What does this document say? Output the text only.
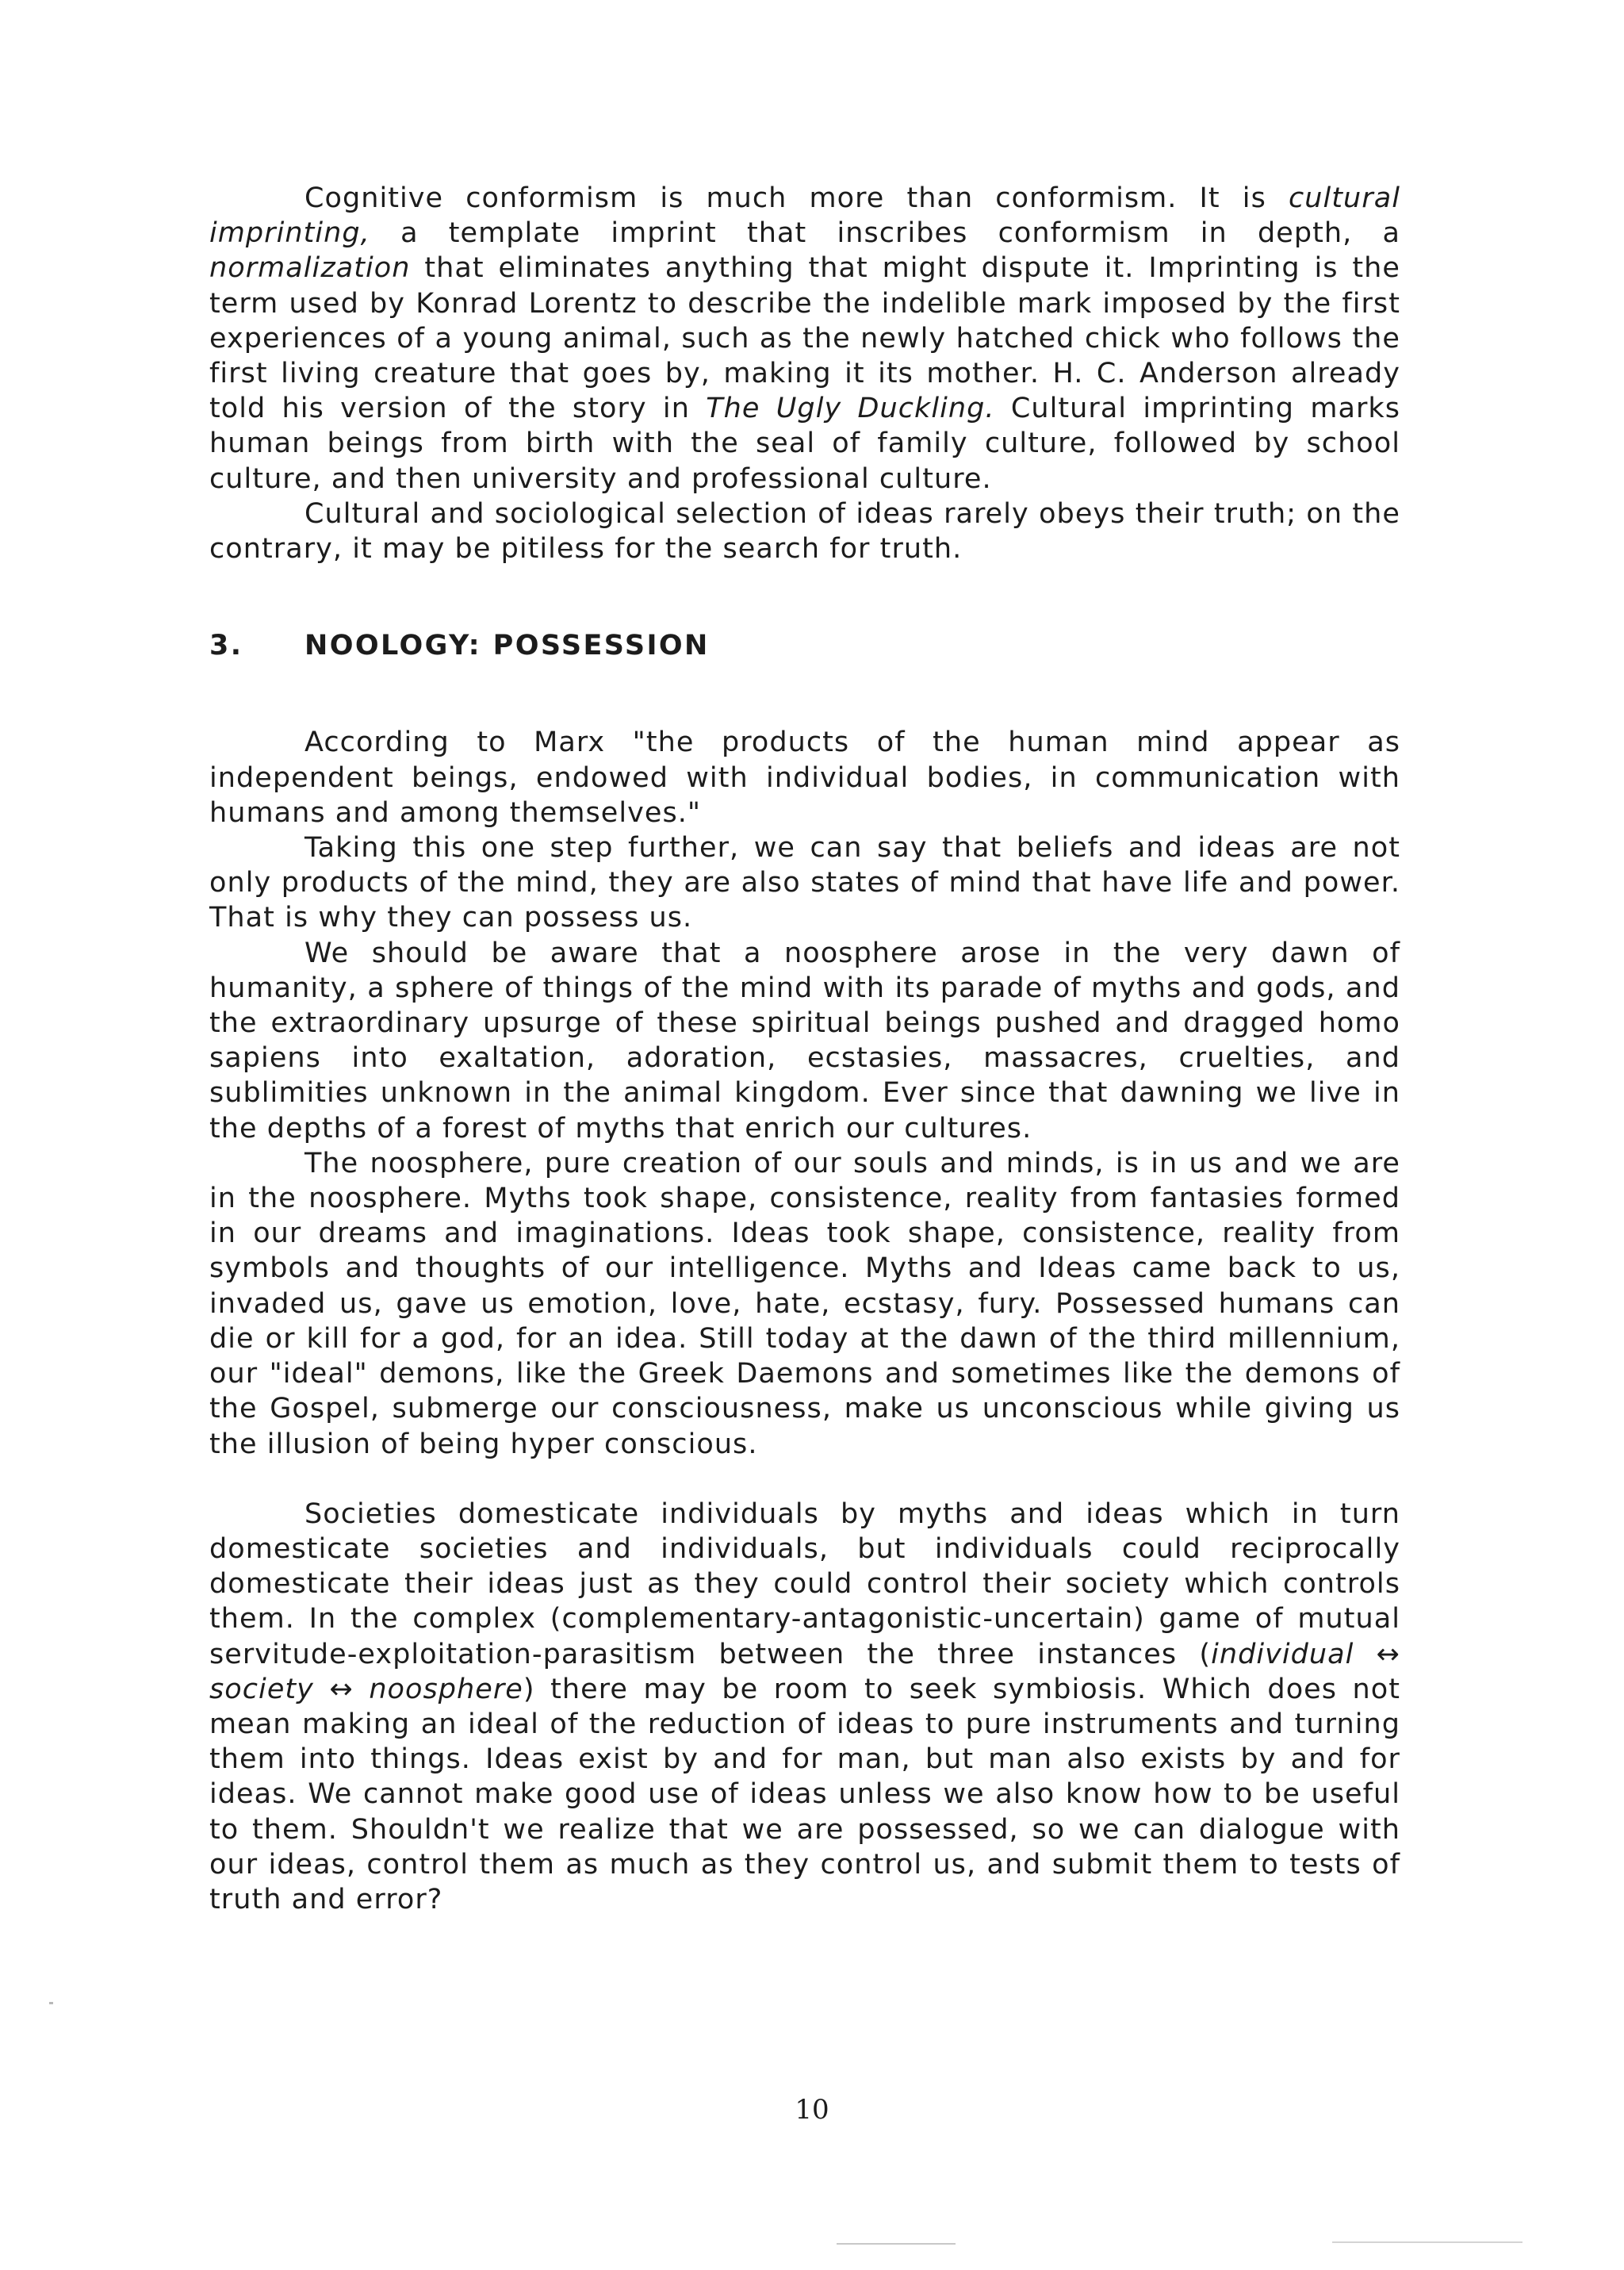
Cognitive conformism is much more than conformism. It is cultural imprinting, a template imprint that inscribes conformism in depth, a normalization that eliminates anything that might dispute it. Imprinting is the term used by Konrad Lorentz to describe the indelible mark imposed by the first experiences of a young animal, such as the newly hatched chick who follows the first living creature that goes by, making it its mother. H. C. Anderson already told his version of the story in The Ugly Duckling. Cultural imprinting marks human beings from birth with the seal of family culture, followed by school culture, and then university and professional culture.

Cultural and sociological selection of ideas rarely obeys their truth; on the contrary, it may be pitiless for the search for truth.

3.	NOOLOGY: POSSESSION

According to Marx "the products of the human mind appear as independent beings, endowed with individual bodies, in communication with humans and among themselves."

Taking this one step further, we can say that beliefs and ideas are not only products of the mind, they are also states of mind that have life and power. That is why they can possess us.

We should be aware that a noosphere arose in the very dawn of humanity, a sphere of things of the mind with its parade of myths and gods, and the extraordinary upsurge of these spiritual beings pushed and dragged homo sapiens into exaltation, adoration, ecstasies, massacres, cruelties, and sublimities unknown in the animal kingdom. Ever since that dawning we live in the depths of a forest of myths that enrich our cultures.

The noosphere, pure creation of our souls and minds, is in us and we are in the noosphere. Myths took shape, consistence, reality from fantasies formed in our dreams and imaginations. Ideas took shape, consistence, reality from symbols and thoughts of our intelligence. Myths and Ideas came back to us, invaded us, gave us emotion, love, hate, ecstasy, fury. Possessed humans can die or kill for a god, for an idea. Still today at the dawn of the third millennium, our "ideal" demons, like the Greek Daemons and sometimes like the demons of the Gospel, submerge our consciousness, make us unconscious while giving us the illusion of being hyper conscious.

Societies domesticate individuals by myths and ideas which in turn domesticate societies and individuals, but individuals could reciprocally domesticate their ideas just as they could control their society which controls them. In the complex (complementary-antagonistic-uncertain) game of mutual servitude-exploitation-parasitism between the three instances (individual ↔ society ↔ noosphere) there may be room to seek symbiosis. Which does not mean making an ideal of the reduction of ideas to pure instruments and turning them into things. Ideas exist by and for man, but man also exists by and for ideas. We cannot make good use of ideas unless we also know how to be useful to them. Shouldn't we realize that we are possessed, so we can dialogue with our ideas, control them as much as they control us, and submit them to tests of truth and error?

10
